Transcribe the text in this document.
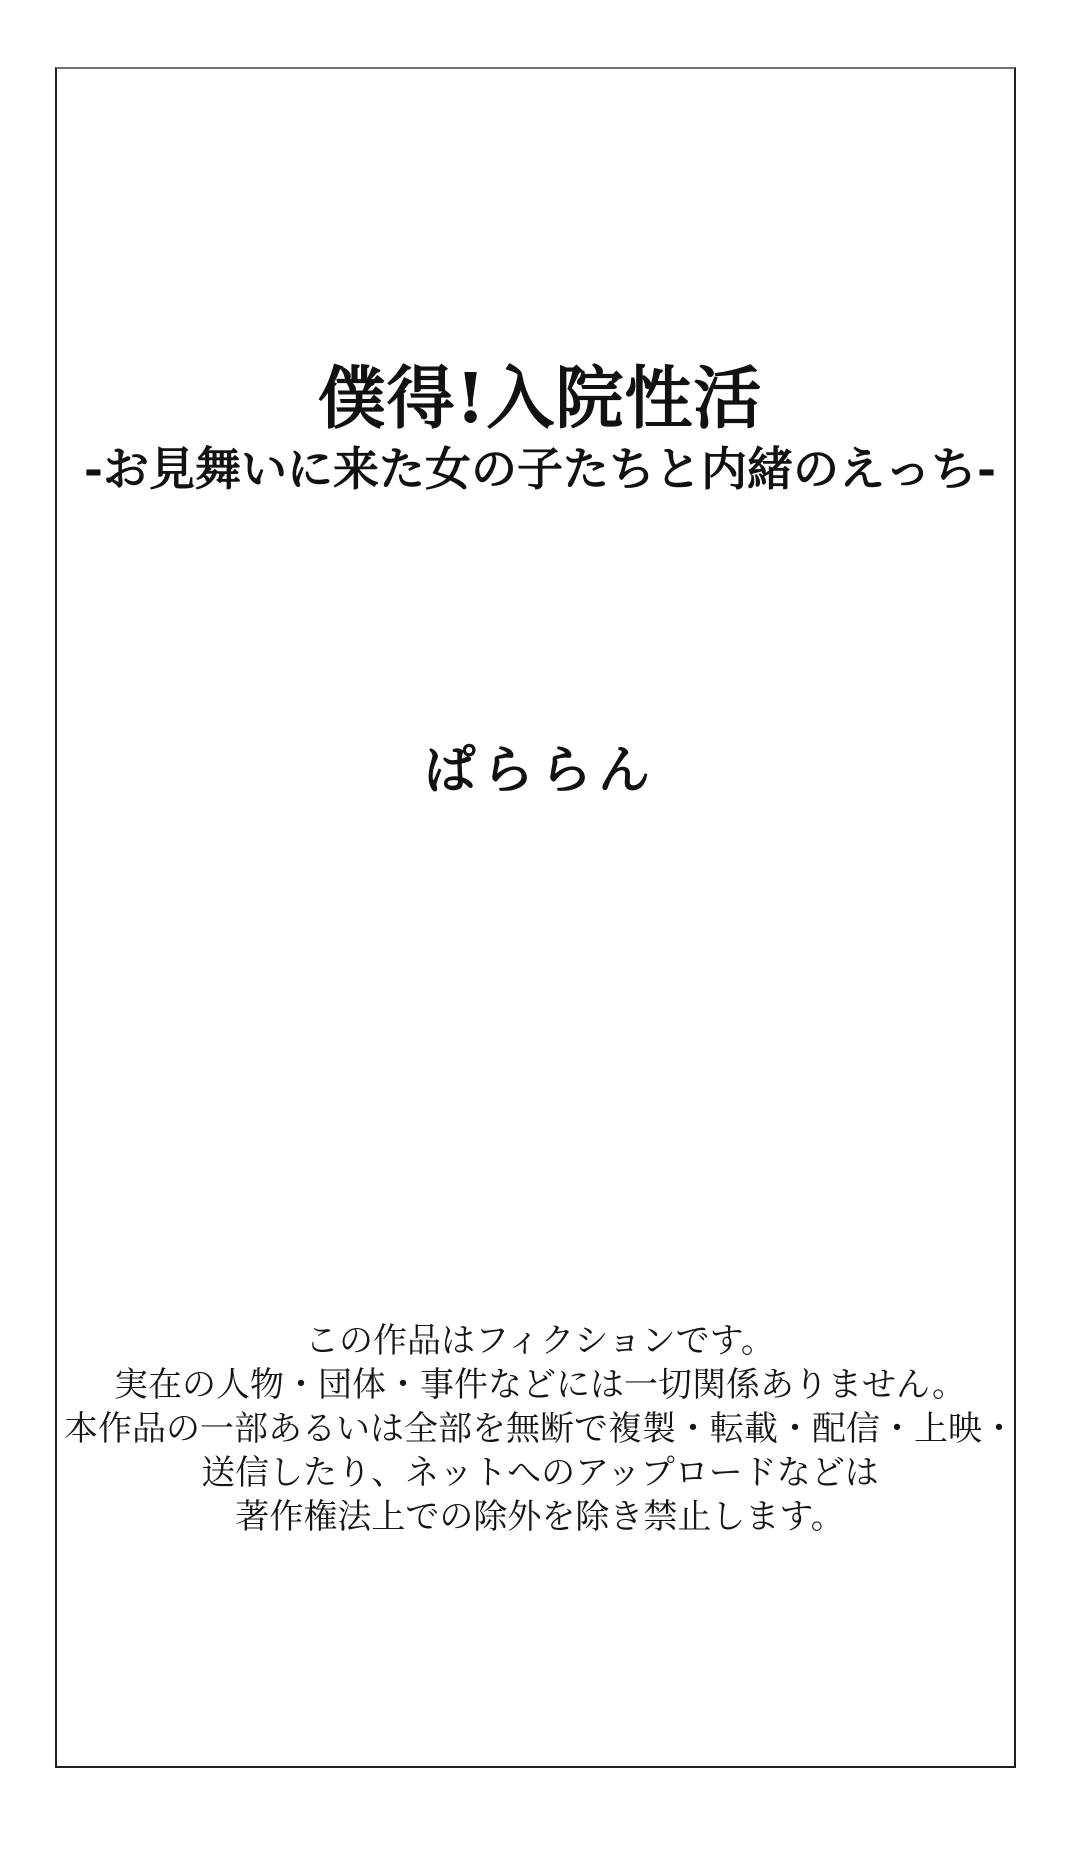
僕得!入院性活
-お見舞いに来た女の子たちと内緒のえっち-
ぱららん

この作品はフィクションです。

実在の人物・団体・事件などには一切関係ありません。

本作品の一部あるいは全部を無断で複製・転載・配信・上映・

送信したり、ネットへのアップロードなどは

著作権法上での除外を除き禁止します。
